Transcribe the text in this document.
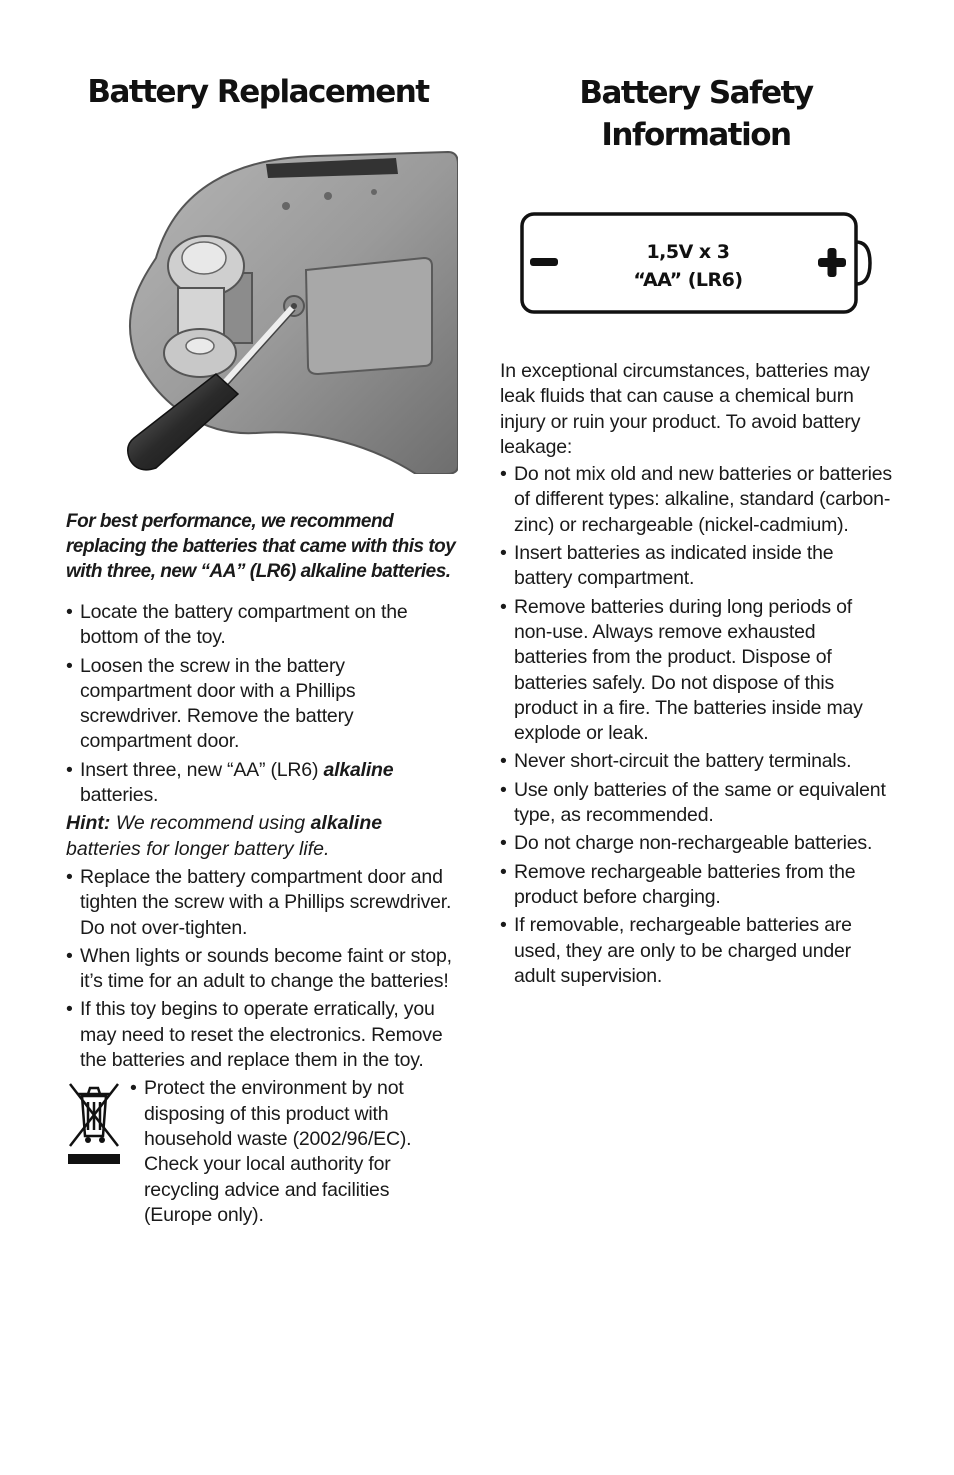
Battery Replacement
For best performance, we recommend replacing the batteries that came with this toy with three, new “AA” (LR6) alkaline batteries.
• Locate the battery compartment on the bottom of the toy.
• Loosen the screw in the battery compartment door with a Phillips screwdriver. Remove the battery compartment door.
• Insert three, new “AA” (LR6) alkaline batteries.
Hint: We recommend using alkaline batteries for longer battery life.
• Replace the battery compartment door and tighten the screw with a Phillips screwdriver. Do not over-tighten.
• When lights or sounds become faint or stop, it’s time for an adult to change the batteries!
• If this toy begins to operate erratically, you may need to reset the electronics. Remove the batteries and replace them in the toy.
• Protect the environment by not disposing of this product with household waste (2002/96/EC). Check your local authority for recycling advice and facilities (Europe only).
Battery Safety
Information
1,5V x 3
“AA” (LR6)
In exceptional circumstances, batteries may leak fluids that can cause a chemical burn injury or ruin your product. To avoid battery leakage:
• Do not mix old and new batteries or batteries of different types: alkaline, standard (carbon-zinc) or rechargeable (nickel-cadmium).
• Insert batteries as indicated inside the battery compartment.
• Remove batteries during long periods of non-use. Always remove exhausted batteries from the product. Dispose of batteries safely. Do not dispose of this product in a fire. The batteries inside may explode or leak.
• Never short-circuit the battery terminals.
• Use only batteries of the same or equivalent type, as recommended.
• Do not charge non-rechargeable batteries.
• Remove rechargeable batteries from the product before charging.
• If removable, rechargeable batteries are used, they are only to be charged under adult supervision.
